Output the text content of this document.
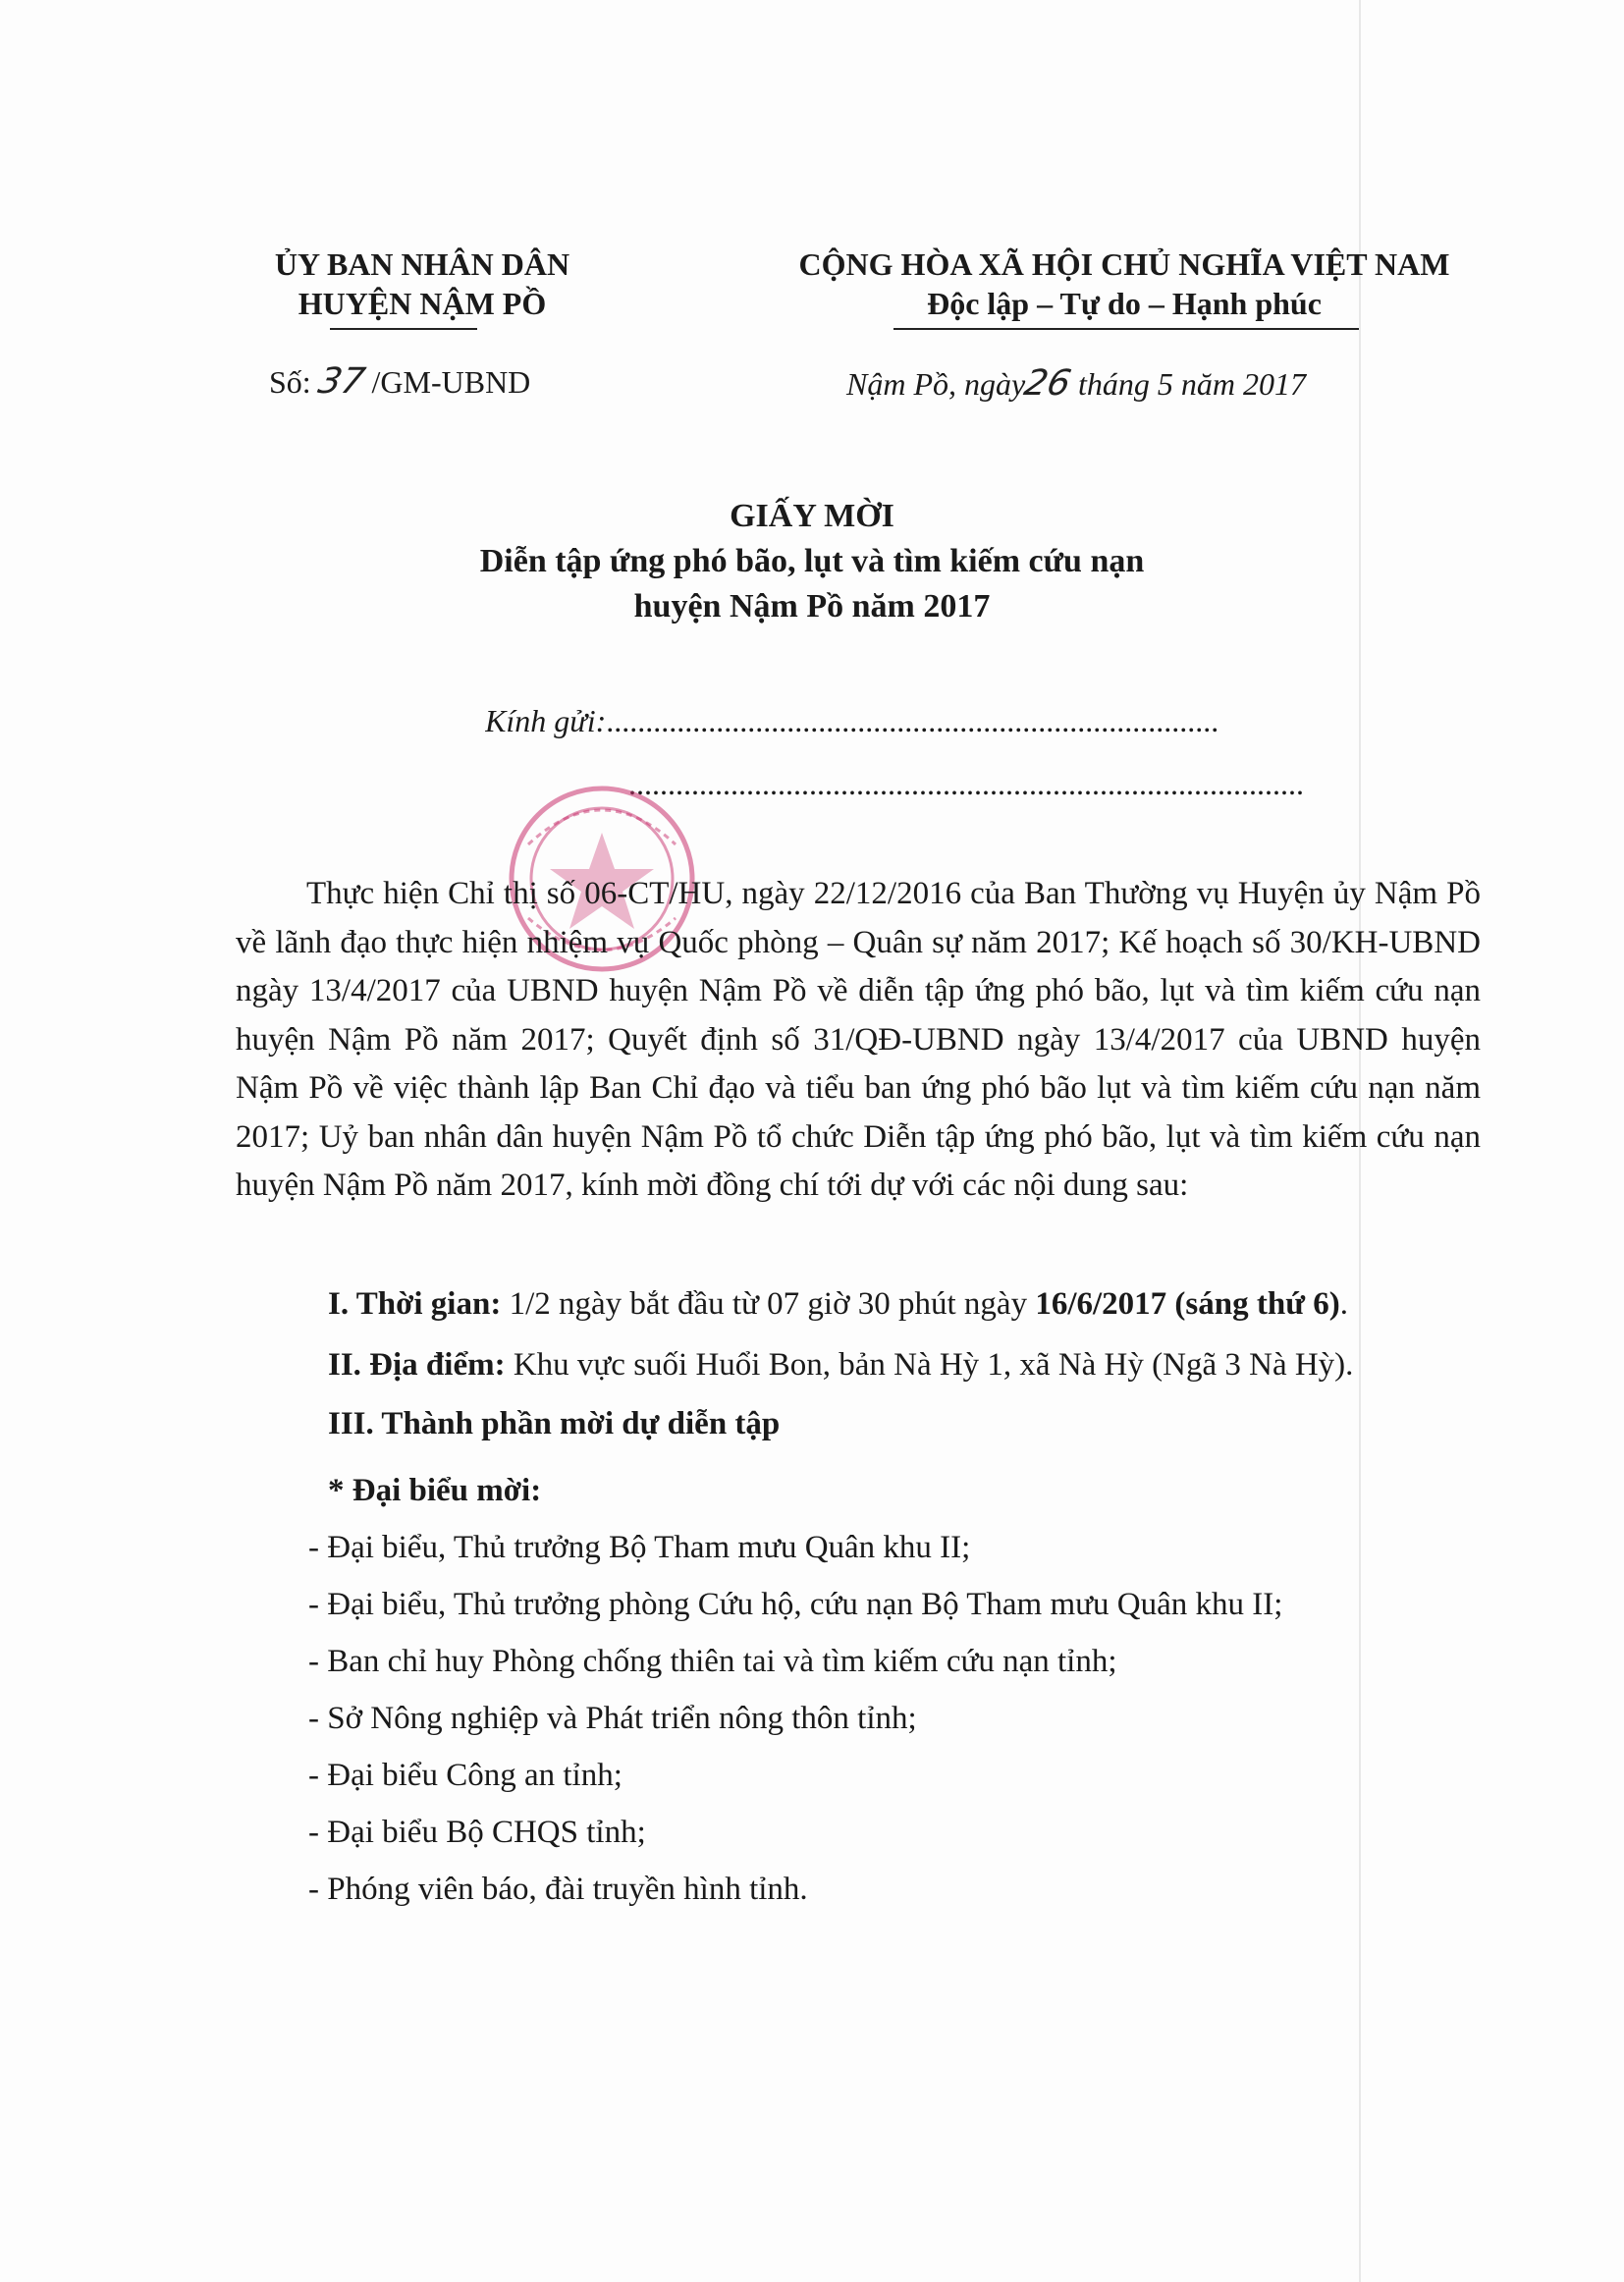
ỦY BAN NHÂN DÂN
HUYỆN NẬM PỒ
CỘNG HÒA XÃ HỘI CHỦ NGHĨA VIỆT NAM
Độc lập – Tự do – Hạnh phúc
Số: 37 /GM-UBND	Nậm Pồ, ngày26 tháng 5 năm 2017
GIẤY MỜI
Diễn tập ứng phó bão, lụt và tìm kiếm cứu nạn
huyện Nậm Pồ năm 2017
Kính gửi:..............................................................................
......................................................................................
Thực hiện Chỉ thị số 06-CT/HU, ngày 22/12/2016 của Ban Thường vụ Huyện ủy Nậm Pồ về lãnh đạo thực hiện nhiệm vụ Quốc phòng – Quân sự năm 2017; Kế hoạch số 30/KH-UBND ngày 13/4/2017 của UBND huyện Nậm Pồ về diễn tập ứng phó bão, lụt và tìm kiếm cứu nạn huyện Nậm Pồ năm 2017; Quyết định số 31/QĐ-UBND ngày 13/4/2017 của UBND huyện Nậm Pồ về việc thành lập Ban Chỉ đạo và tiểu ban ứng phó bão lụt và tìm kiếm cứu nạn năm 2017; Uỷ ban nhân dân huyện Nậm Pồ tổ chức Diễn tập ứng phó bão, lụt và tìm kiếm cứu nạn huyện Nậm Pồ năm 2017, kính mời đồng chí tới dự với các nội dung sau:
I. Thời gian: 1/2 ngày bắt đầu từ 07 giờ 30 phút ngày 16/6/2017 (sáng thứ 6).
II. Địa điểm: Khu vực suối Huổi Bon, bản Nà Hỳ 1, xã Nà Hỳ (Ngã 3 Nà Hỳ).
III. Thành phần mời dự diễn tập
* Đại biểu mời:
- Đại biểu, Thủ trưởng Bộ Tham mưu Quân khu II;
- Đại biểu, Thủ trưởng phòng Cứu hộ, cứu nạn Bộ Tham mưu Quân khu II;
- Ban chỉ huy Phòng chống thiên tai và tìm kiếm cứu nạn tỉnh;
- Sở Nông nghiệp và Phát triển nông thôn tỉnh;
- Đại biểu Công an tỉnh;
- Đại biểu Bộ CHQS tỉnh;
- Phóng viên báo, đài truyền hình tỉnh.
